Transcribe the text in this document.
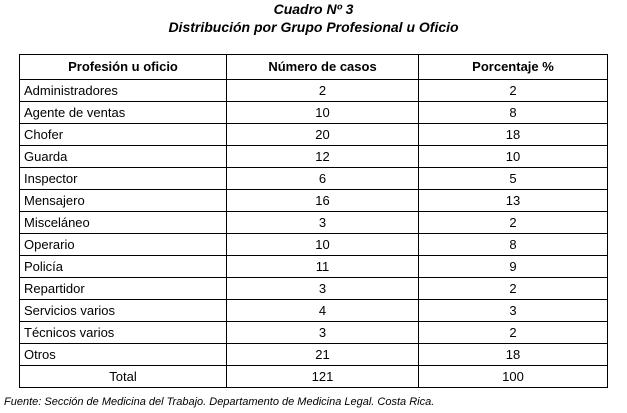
Cuadro Nº 3

Distribución por Grupo Profesional u Oficio

Profesión u oficio	Número de casos	Porcentaje %
Administradores	2	2
Agente de ventas	10	8
Chofer	20	18
Guarda	12	10
Inspector	6	5
Mensajero	16	13
Misceláneo	3	2
Operario	10	8
Policía	11	9
Repartidor	3	2
Servicios varios	4	3
Técnicos varios	3	2
Otros	21	18
Total	121	100
Fuente: Sección de Medicina del Trabajo. Departamento de Medicina Legal. Costa Rica.
